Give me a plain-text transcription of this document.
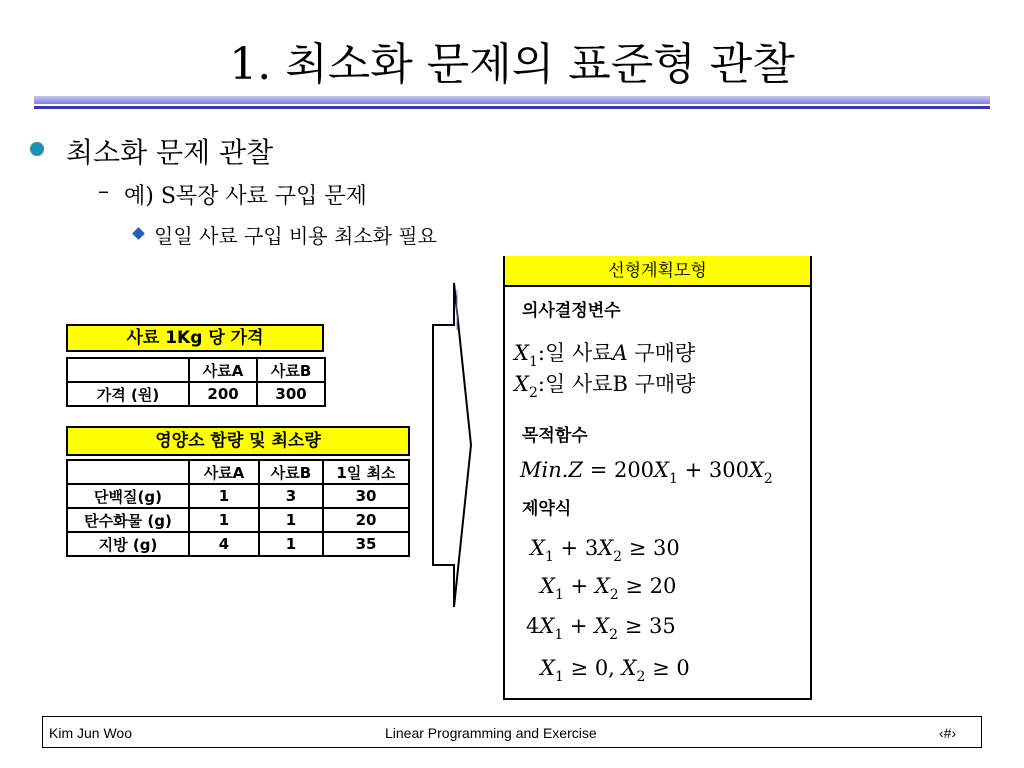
1. 최소화 문제의 표준형 관찰
최소화 문제 관찰
– 예) S목장 사료 구입 문제
일일 사료 구입 비용 최소화 필요
사료 1Kg 당 가격
	사료A	사료B
가격 (원)	200	300
영양소 함량 및 최소량
	사료A	사료B	1일 최소
단백질(g)	1	3	30
탄수화물 (g)	1	1	20
지방 (g)	4	1	35
선형계획모형
의사결정변수
$X_1$:일 사료A 구매량
$X_2$:일 사료B 구매량
목적함수
$Min.Z = 200X_1 + 300X_2$
제약식
$X_1 + 3X_2 \ge 30$
$X_1 + X_2 \ge 20$
$4X_1 + X_2 \ge 35$
$X_1 \ge 0$, $X_2 \ge 0$
Kim Jun Woo	Linear Programming and Exercise	‹#›
